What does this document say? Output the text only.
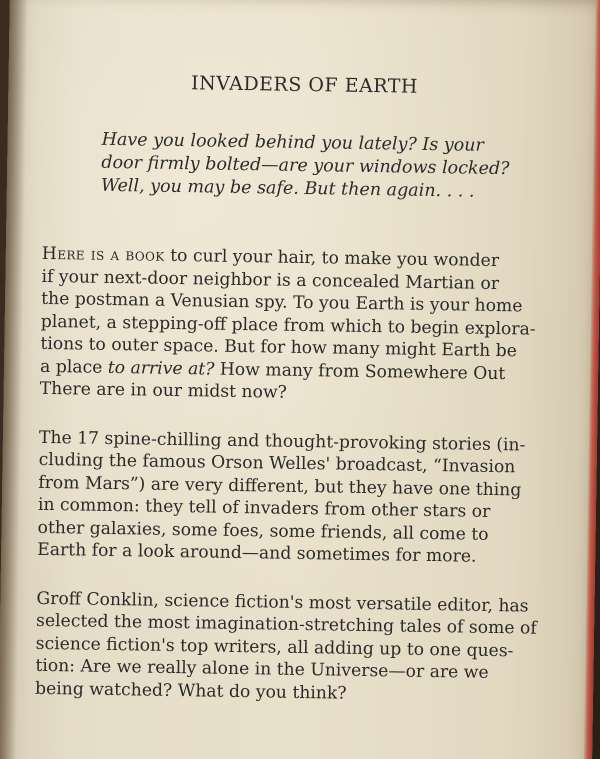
INVADERS OF EARTH
Have you looked behind you lately? Is your
door firmly bolted—are your windows locked?
Well, you may be safe. But then again. . . .
Here is a book to curl your hair, to make you wonder
if your next-door neighbor is a concealed Martian or
the postman a Venusian spy. To you Earth is your home
planet, a stepping-off place from which to begin explora-
tions to outer space. But for how many might Earth be
a place to arrive at? How many from Somewhere Out
There are in our midst now?
The 17 spine-chilling and thought-provoking stories (in-
cluding the famous Orson Welles' broadcast, “Invasion
from Mars”) are very different, but they have one thing
in common: they tell of invaders from other stars or
other galaxies, some foes, some friends, all come to
Earth for a look around—and sometimes for more.
Groff Conklin, science fiction's most versatile editor, has
selected the most imagination-stretching tales of some of
science fiction's top writers, all adding up to one ques-
tion: Are we really alone in the Universe—or are we
being watched? What do you think?
